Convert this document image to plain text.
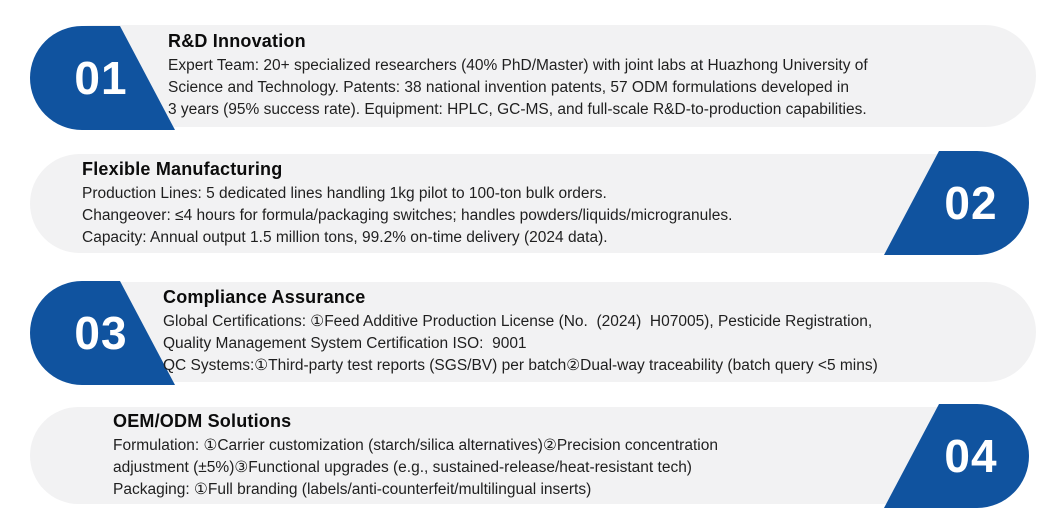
01
R&D Innovation

Expert Team: 20+ specialized researchers (40% PhD/Master) with joint labs at Huazhong University of

Science and Technology. Patents: 38 national invention patents, 57 ODM formulations developed in

3 years (95% success rate). Equipment: HPLC, GC-MS, and full-scale R&D-to-production capabilities.

02
Flexible Manufacturing

Production Lines: 5 dedicated lines handling 1kg pilot to 100-ton bulk orders.

Changeover: ≤4 hours for formula/packaging switches; handles powders/liquids/microgranules.

Capacity: Annual output 1.5 million tons, 99.2% on-time delivery (2024 data).

03
Compliance Assurance

Global Certifications: ①Feed Additive Production License (No.  (2024)  H07005), Pesticide Registration,

Quality Management System Certification ISO:  9001

QC Systems:①Third-party test reports (SGS/BV) per batch②Dual-way traceability (batch query <5 mins)

04
OEM/ODM Solutions

Formulation: ①Carrier customization (starch/silica alternatives)②Precision concentration

adjustment (±5%)③Functional upgrades (e.g., sustained-release/heat-resistant tech)

Packaging: ①Full branding (labels/anti-counterfeit/multilingual inserts)
